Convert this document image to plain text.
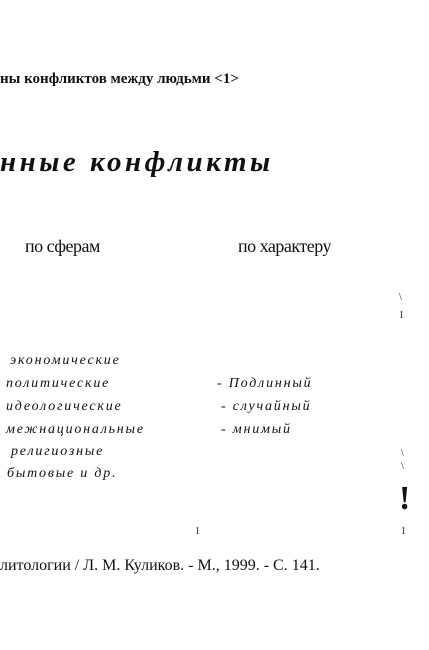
ны конфликтов между людьми <1>
нные конфликты
по сферам	по характеру
экономические
политические
идеологические
межнациональные
религиозные
бытовые и др.
- Подлинный
- случайный
- мнимый
\
1
\
\
!
1	1
литологии / Л. М. Куликов. - М., 1999. - С. 141.
